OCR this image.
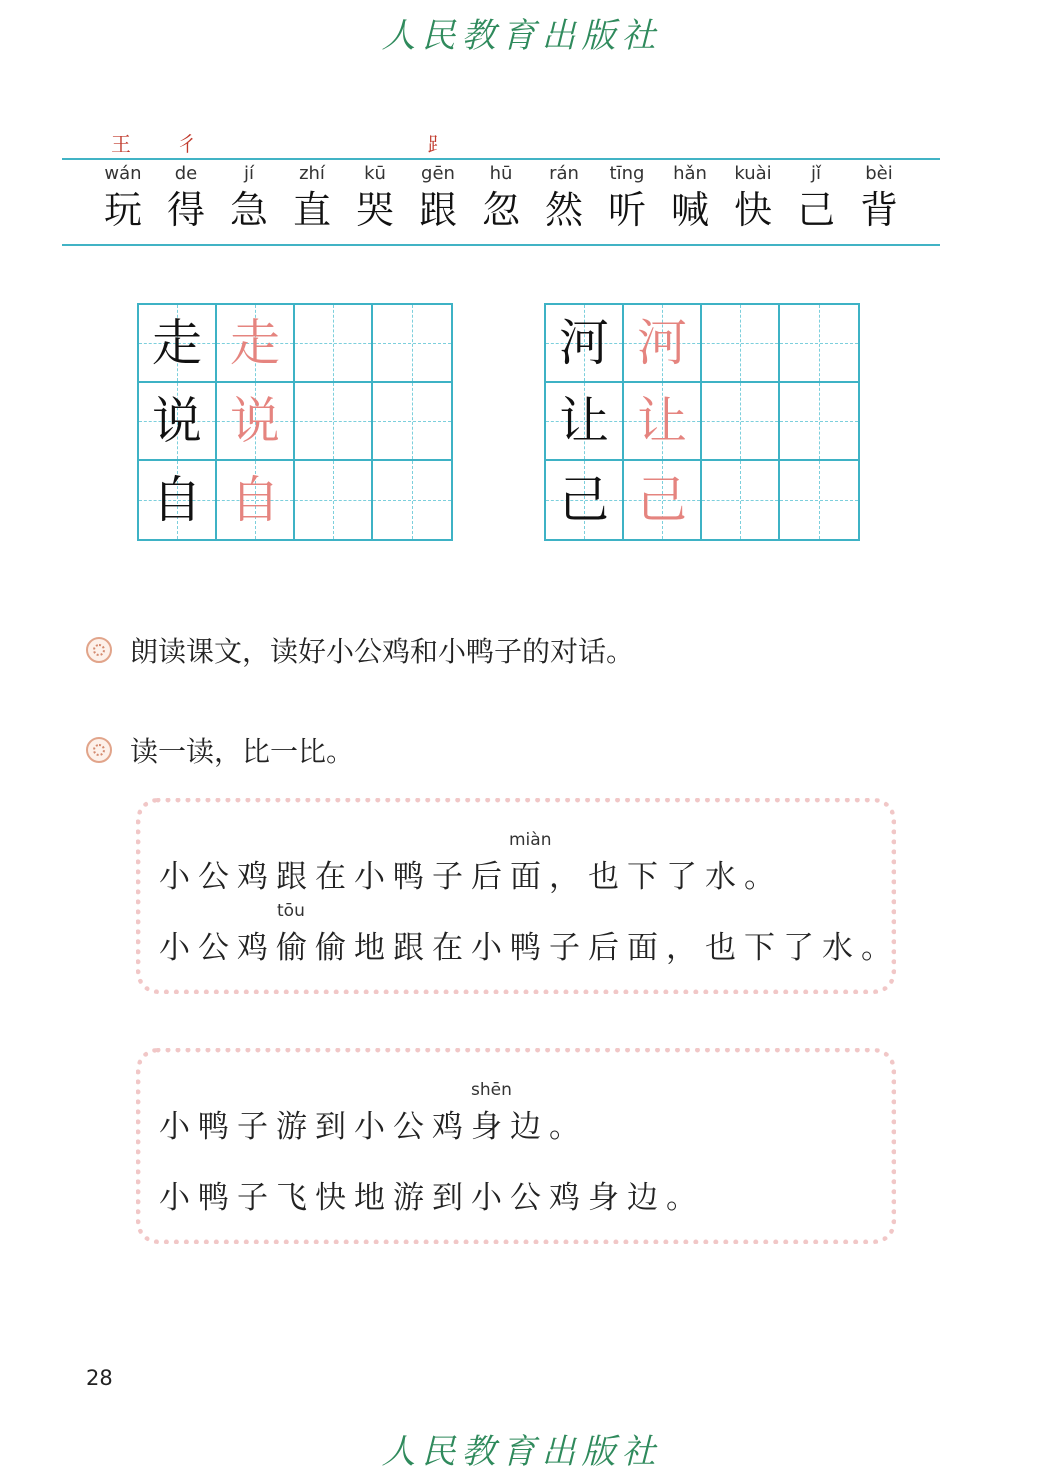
人民教育出版社
王 彳	⻊
wán
玩
de
得
jí
急
zhí
直
kū
哭
gēn
跟
hū
忽
rán
然
tīng
听
hǎn
喊
kuài
快
jǐ
己
bèi
背
走 走
说 说
自 自
河 河
让 让
己 己
朗读课文，读好小公鸡和小鸭子的对话。
读一读，比一比。
miàn
小公鸡跟在小鸭子后面，也下了水。
tōu
小公鸡偷偷地跟在小鸭子后面，也下了水。
shēn
小鸭子游到小公鸡身边。
小鸭子飞快地游到小公鸡身边。
28
人民教育出版社
